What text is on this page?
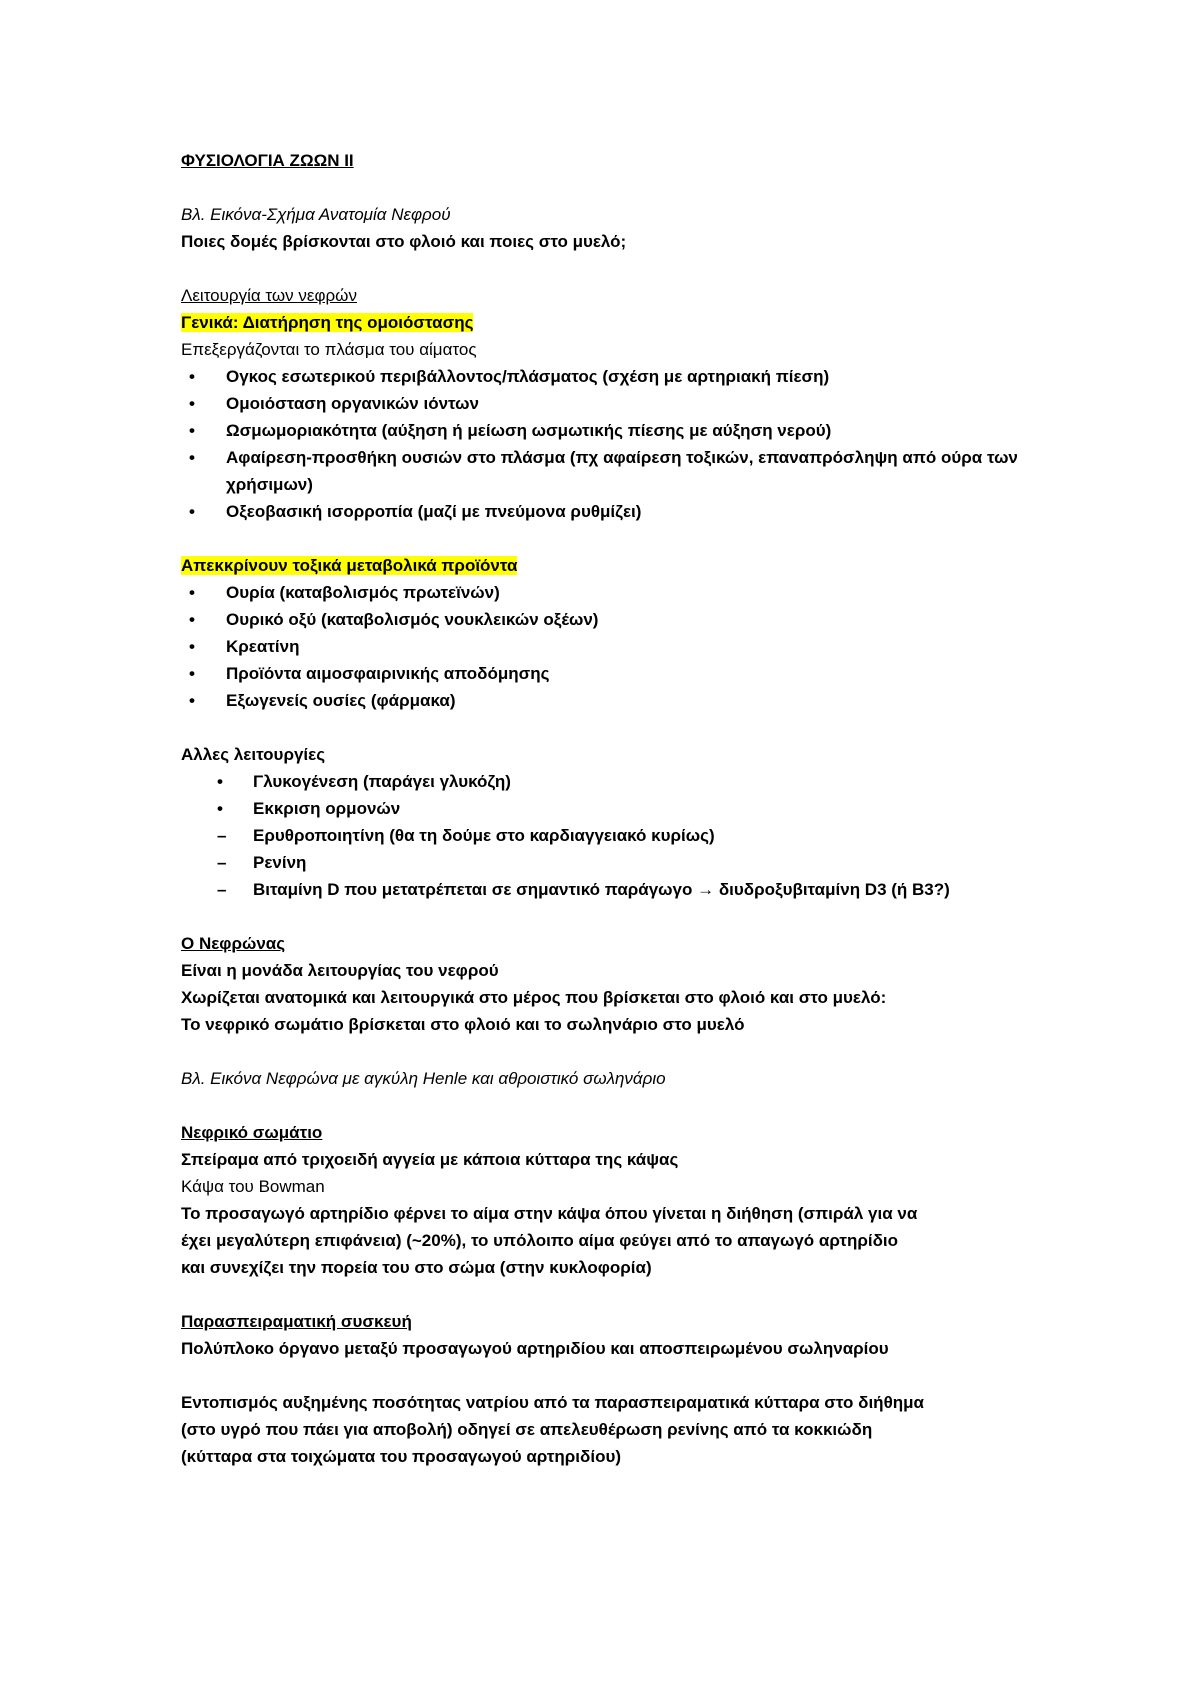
ΦΥΣΙΟΛΟΓΙΑ ΖΩΩΝ ΙΙ

Βλ. Εικόνα-Σχήμα Ανατομία Νεφρού

Ποιες δομές βρίσκονται στο φλοιό και ποιες στο μυελό;

Λειτουργία των νεφρών

Γενικά: Διατήρηση της ομοιόστασης

Επεξεργάζονται το πλάσμα του αίματος

•	Ογκος εσωτερικού περιβάλλοντος/πλάσματος (σχέση με αρτηριακή πίεση)
•	Ομοιόσταση οργανικών ιόντων
•	Ωσμωμοριακότητα (αύξηση ή μείωση ωσμωτικής πίεσης με αύξηση νερού)
•	Αφαίρεση-προσθήκη ουσιών στο πλάσμα (πχ αφαίρεση τοξικών, επαναπρόσληψη από ούρα των χρήσιμων)
•	Οξεοβασική ισορροπία (μαζί με πνεύμονα ρυθμίζει)

Απεκκρίνουν τοξικά μεταβολικά προϊόντα

•	Ουρία (καταβολισμός πρωτεϊνών)
•	Ουρικό οξύ (καταβολισμός νουκλεικών οξέων)
•	Κρεατίνη
•	Προϊόντα αιμοσφαιρινικής αποδόμησης
•	Εξωγενείς ουσίες (φάρμακα)

Αλλες λειτουργίες

•	Γλυκογένεση (παράγει γλυκόζη)
•	Εκκριση ορμονών
–	Ερυθροποιητίνη (θα τη δούμε στο καρδιαγγειακό κυρίως)
–	Ρενίνη
–	Βιταμίνη D που μετατρέπεται σε σημαντικό παράγωγο → διυδροξυβιταμίνη D3 (ή B3?)

Ο Νεφρώνας

Είναι η μονάδα λειτουργίας του νεφρού

Χωρίζεται ανατομικά και λειτουργικά στο μέρος που βρίσκεται στο φλοιό και στο μυελό:

Το νεφρικό σωμάτιο βρίσκεται στο φλοιό και το σωληνάριο στο μυελό

Βλ. Εικόνα Νεφρώνα με αγκύλη Henle και αθροιστικό σωληνάριο

Νεφρικό σωμάτιο

Σπείραμα από τριχοειδή αγγεία με κάποια κύτταρα της κάψας

Κάψα του Bowman

Το προσαγωγό αρτηρίδιο φέρνει το αίμα στην κάψα όπου γίνεται η διήθηση (σπιράλ για να

έχει μεγαλύτερη επιφάνεια) (~20%), το υπόλοιπο αίμα φεύγει από το απαγωγό αρτηρίδιο

και συνεχίζει την πορεία του στο σώμα (στην κυκλοφορία)

Παρασπειραματική συσκευή

Πολύπλοκο όργανο μεταξύ προσαγωγού αρτηριδίου και αποσπειρωμένου σωληναρίου

Εντοπισμός αυξημένης ποσότητας νατρίου από τα παρασπειραματικά κύτταρα στο διήθημα

(στο υγρό που πάει για αποβολή) οδηγεί σε απελευθέρωση ρενίνης από τα κοκκιώδη

(κύτταρα στα τοιχώματα του προσαγωγού αρτηριδίου)
